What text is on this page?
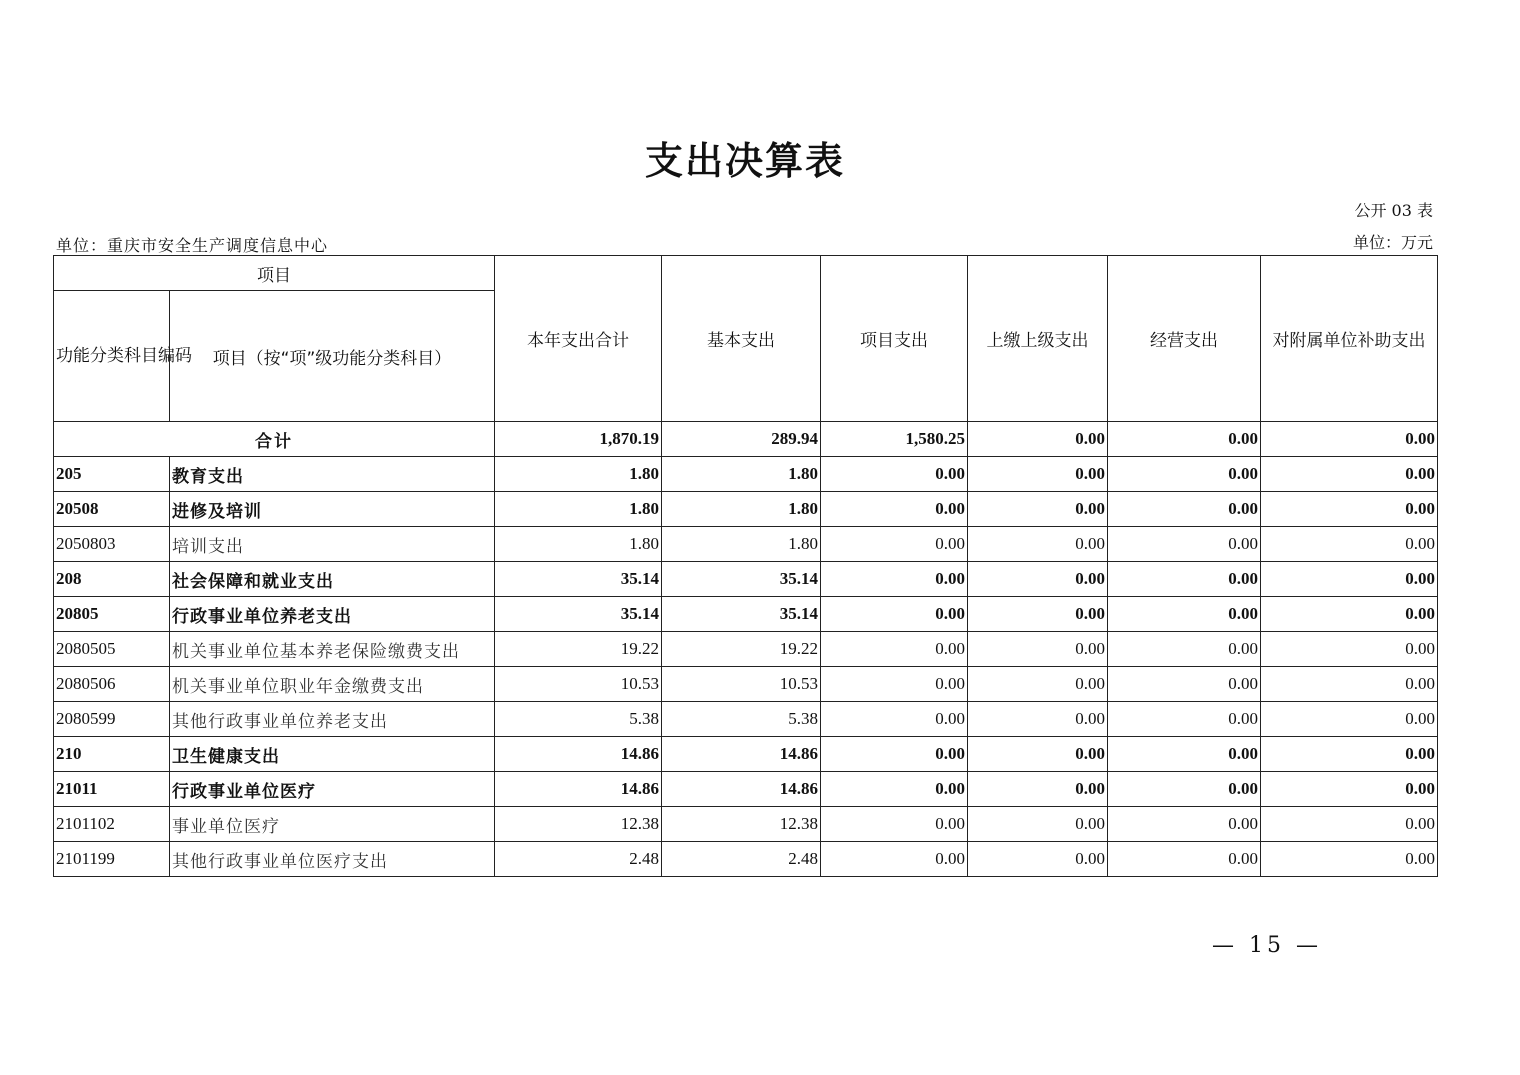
支出决算表
公开 03 表
单位：重庆市安全生产调度信息中心	单位：万元
项目		本年支出合计	基本支出	项目支出	上缴上级支出	经营支出	对附属单位补助支出
功能分类科目编码	项目（按“项”级功能分类科目）						
合计		1,870.19	289.94	1,580.25	0.00	0.00	0.00
205	教育支出	1.80	1.80	0.00	0.00	0.00	0.00
20508	进修及培训	1.80	1.80	0.00	0.00	0.00	0.00
2050803	培训支出	1.80	1.80	0.00	0.00	0.00	0.00
208	社会保障和就业支出	35.14	35.14	0.00	0.00	0.00	0.00
20805	行政事业单位养老支出	35.14	35.14	0.00	0.00	0.00	0.00
2080505	机关事业单位基本养老保险缴费支出	19.22	19.22	0.00	0.00	0.00	0.00
2080506	机关事业单位职业年金缴费支出	10.53	10.53	0.00	0.00	0.00	0.00
2080599	其他行政事业单位养老支出	5.38	5.38	0.00	0.00	0.00	0.00
210	卫生健康支出	14.86	14.86	0.00	0.00	0.00	0.00
21011	行政事业单位医疗	14.86	14.86	0.00	0.00	0.00	0.00
2101102	事业单位医疗	12.38	12.38	0.00	0.00	0.00	0.00
2101199	其他行政事业单位医疗支出	2.48	2.48	0.00	0.00	0.00	0.00
— 15 —
